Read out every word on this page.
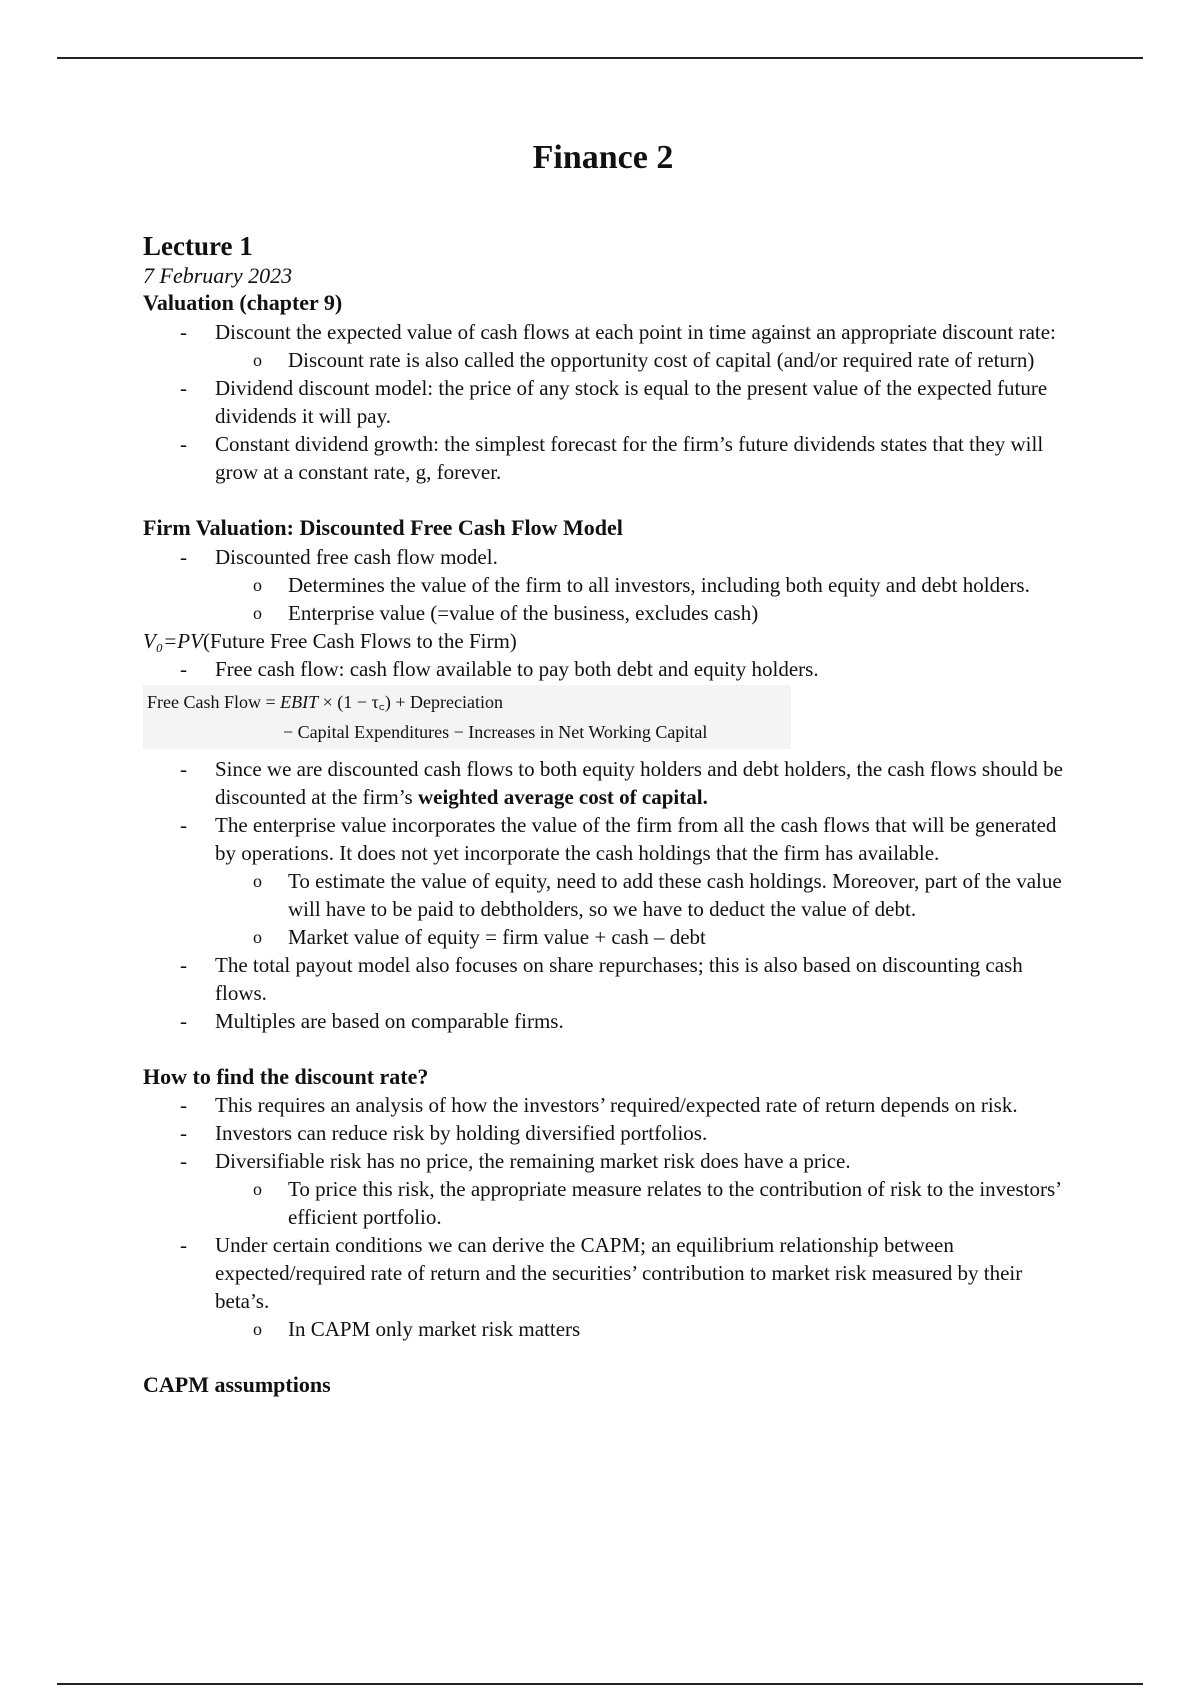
Finance 2
Lecture 1
7 February 2023
Valuation (chapter 9)
- Discount the expected value of cash flows at each point in time against an appropriate discount rate:
o Discount rate is also called the opportunity cost of capital (and/or required rate of return)
- Dividend discount model: the price of any stock is equal to the present value of the expected future dividends it will pay.
- Constant dividend growth: the simplest forecast for the firm’s future dividends states that they will grow at a constant rate, g, forever.
Firm Valuation: Discounted Free Cash Flow Model
- Discounted free cash flow model.
o Determines the value of the firm to all investors, including both equity and debt holders.
o Enterprise value (=value of the business, excludes cash)
V₀=PV(Future Free Cash Flows to the Firm)
- Free cash flow: cash flow available to pay both debt and equity holders.
Free Cash Flow = EBIT × (1 − τ꜀) + Depreciation
− Capital Expenditures − Increases in Net Working Capital
- Since we are discounted cash flows to both equity holders and debt holders, the cash flows should be discounted at the firm’s weighted average cost of capital.
- The enterprise value incorporates the value of the firm from all the cash flows that will be generated by operations. It does not yet incorporate the cash holdings that the firm has available.
o To estimate the value of equity, need to add these cash holdings. Moreover, part of the value will have to be paid to debtholders, so we have to deduct the value of debt.
o Market value of equity = firm value + cash – debt
- The total payout model also focuses on share repurchases; this is also based on discounting cash flows.
- Multiples are based on comparable firms.
How to find the discount rate?
- This requires an analysis of how the investors’ required/expected rate of return depends on risk.
- Investors can reduce risk by holding diversified portfolios.
- Diversifiable risk has no price, the remaining market risk does have a price.
o To price this risk, the appropriate measure relates to the contribution of risk to the investors’ efficient portfolio.
- Under certain conditions we can derive the CAPM; an equilibrium relationship between expected/required rate of return and the securities’ contribution to market risk measured by their beta’s.
o In CAPM only market risk matters
CAPM assumptions
